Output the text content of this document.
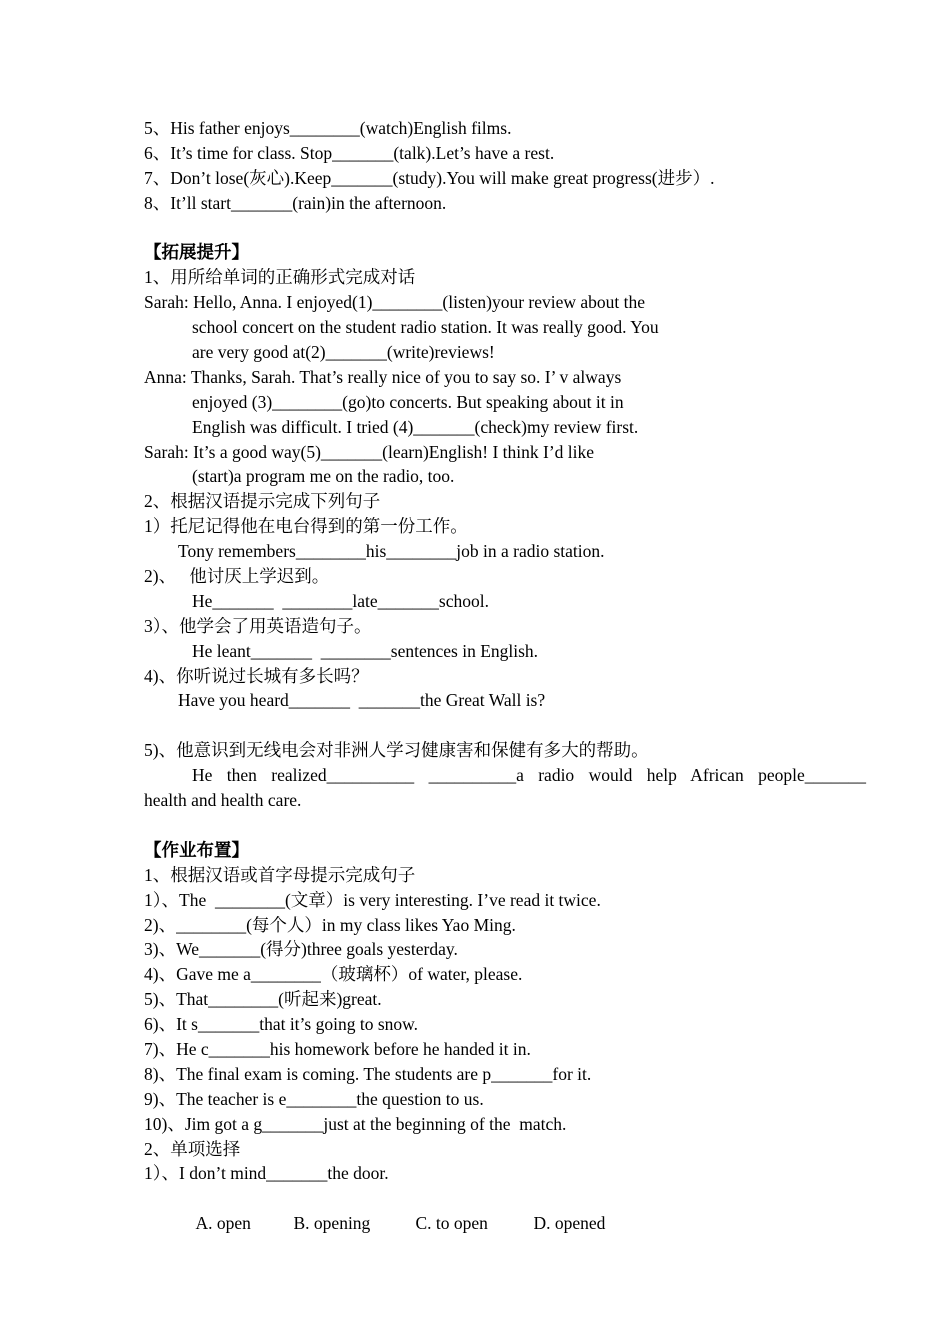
5、His father enjoys________(watch)English films.
6、It’s time for class. Stop_______(talk).Let’s have a rest.
7、Don’t lose(灰心).Keep_______(study).You will make great progress(进步）.
8、It’ll start_______(rain)in the afternoon.
【拓展提升】
1、用所给单词的正确形式完成对话
Sarah: Hello, Anna. I enjoyed(1)________(listen)your review about the
school concert on the student radio station. It was really good. You
are very good at(2)_______(write)reviews!
Anna: Thanks, Sarah. That’s really nice of you to say so. I’ v always
enjoyed (3)________(go)to concerts. But speaking about it in
English was difficult. I tried (4)_______(check)my review first.
Sarah: It’s a good way(5)_______(learn)English! I think I’d like
(start)a program me on the radio, too.
2、根据汉语提示完成下列句子
1）托尼记得他在电台得到的第一份工作。
Tony remembers________his________job in a radio station.
2)、   他讨厌上学迟到。
He_______  ________late_______school.
3）、他学会了用英语造句子。
He leant_______  ________sentences in English.
4)、你听说过长城有多长吗？
Have you heard_______  _______the Great Wall is?
5)、他意识到无线电会对非洲人学习健康害和保健有多大的帮助。
He then realized__________ __________a radio would help African people_______
health and health care.
【作业布置】
1、根据汉语或首字母提示完成句子
1）、The  ________(文章）is very interesting. I’ve read it twice.
2)、________(每个人）in my class likes Yao Ming.
3)、We_______(得分)three goals yesterday.
4)、Gave me a________（玻璃杯）of water, please.
5)、That________(听起来)great.
6)、It s_______that it’s going to snow.
7)、He c_______his homework before he handed it in.
8)、The final exam is coming. The students are p_______for it.
9)、The teacher is e________the question to us.
10)、Jim got a g_______just at the beginning of the  match.
2、单项选择
1）、I don’t mind_______the door.

A. open B. opening	C. to open	D. opened
